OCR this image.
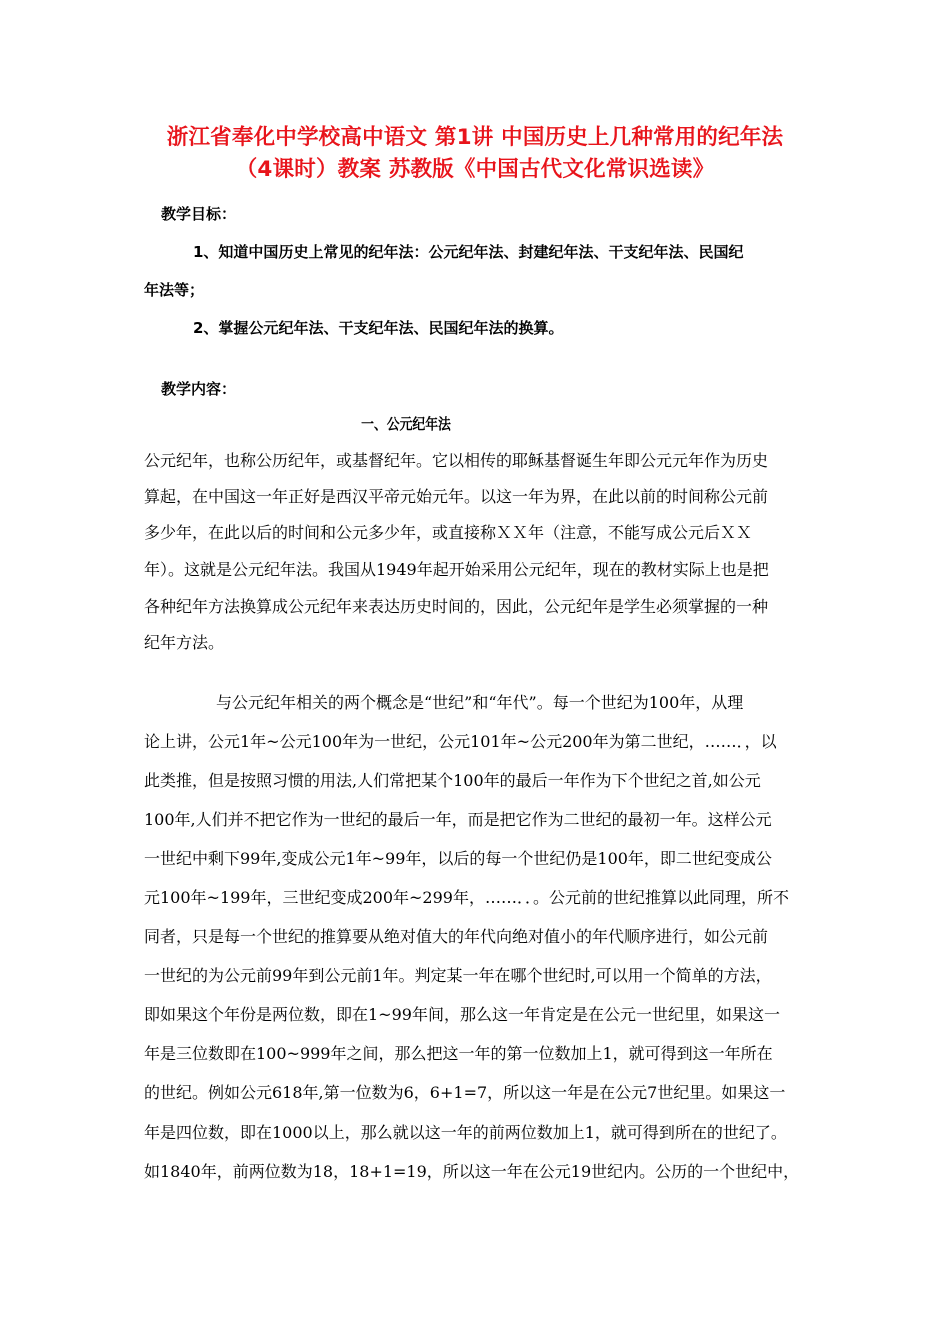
浙江省奉化中学校高中语文 第1讲 中国历史上几种常用的纪年法
（4课时）教案 苏教版《中国古代文化常识选读》
教学目标：
1、知道中国历史上常见的纪年法：公元纪年法、封建纪年法、干支纪年法、民国纪
年法等；
2、掌握公元纪年法、干支纪年法、民国纪年法的换算。
教学内容：
一、公元纪年法
公元纪年，也称公历纪年，或基督纪年。它以相传的耶稣基督诞生年即公元元年作为历史
算起，在中国这一年正好是西汉平帝元始元年。以这一年为界，在此以前的时间称公元前
多少年，在此以后的时间和公元多少年，或直接称ＸＸ年（注意，不能写成公元后ＸＸ
年）。这就是公元纪年法。我国从1949年起开始采用公元纪年，现在的教材实际上也是把
各种纪年方法换算成公元纪年来表达历史时间的，因此，公元纪年是学生必须掌握的一种
纪年方法。
与公元纪年相关的两个概念是“世纪”和“年代”。每一个世纪为100年，从理
论上讲，公元1年~公元100年为一世纪，公元101年~公元200年为第二世纪，……．，以
此类推，但是按照习惯的用法,人们常把某个100年的最后一年作为下个世纪之首,如公元
100年,人们并不把它作为一世纪的最后一年，而是把它作为二世纪的最初一年。这样公元
一世纪中剩下99年,变成公元1年~99年，以后的每一个世纪仍是100年，即二世纪变成公
元100年~199年，三世纪变成200年~299年，……．．。公元前的世纪推算以此同理，所不
同者，只是每一个世纪的推算要从绝对值大的年代向绝对值小的年代顺序进行，如公元前
一世纪的为公元前99年到公元前1年。判定某一年在哪个世纪时,可以用一个简单的方法，
即如果这个年份是两位数，即在1~99年间，那么这一年肯定是在公元一世纪里，如果这一
年是三位数即在100~999年之间，那么把这一年的第一位数加上1，就可得到这一年所在
的世纪。例如公元618年,第一位数为6，6+1=7，所以这一年是在公元7世纪里。如果这一
年是四位数，即在1000以上，那么就以这一年的前两位数加上1，就可得到所在的世纪了。
如1840年，前两位数为18，18+1=19，所以这一年在公元19世纪内。公历的一个世纪中，
